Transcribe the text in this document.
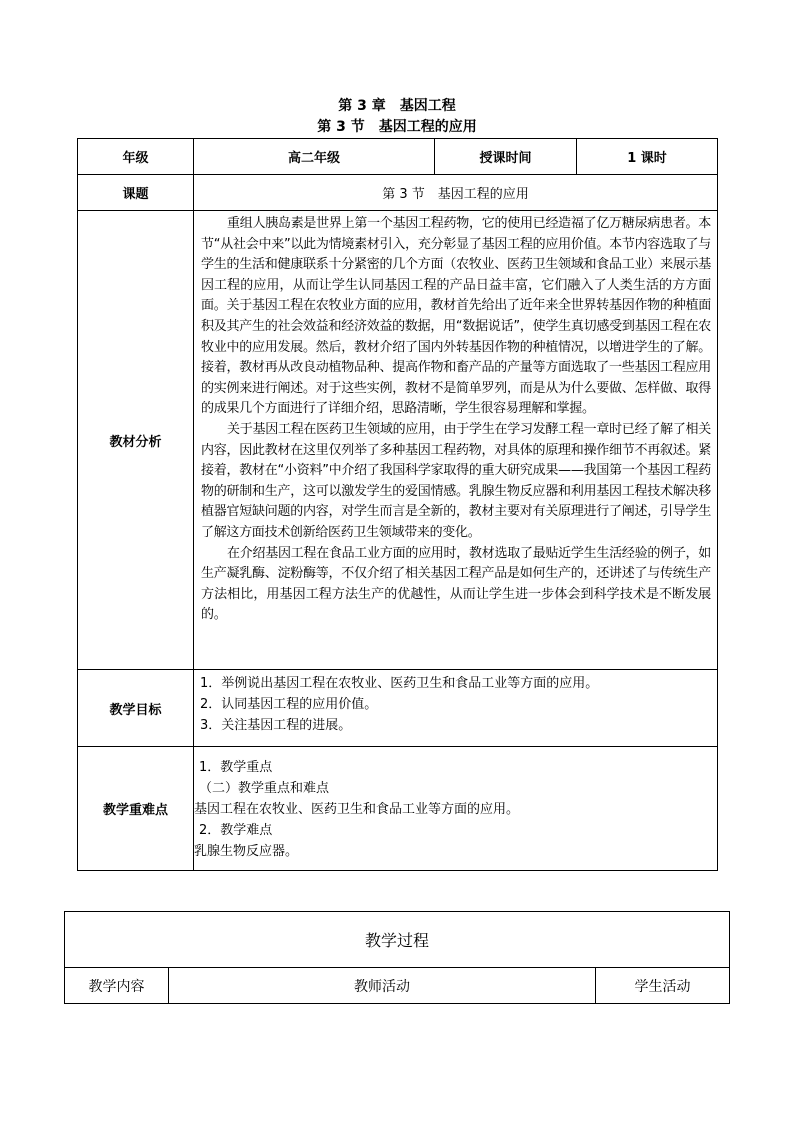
第 3 章　基因工程
第 3 节　基因工程的应用
年级	高二年级	授课时间	1 课时
课题	第 3 节　基因工程的应用		
教材分析	重组人胰岛素是世界上第一个基因工程药物，它的使用已经造福了亿万糖尿病患者。本节“从社会中来”以此为情境素材引入，充分彰显了基因工程的应用价值。本节内容选取了与学生的生活和健康联系十分紧密的几个方面（农牧业、医药卫生领域和食品工业）来展示基因工程的应用，从而让学生认同基因工程的产品日益丰富，它们融入了人类生活的方方面面。关于基因工程在农牧业方面的应用，教材首先给出了近年来全世界转基因作物的种植面积及其产生的社会效益和经济效益的数据，用“数据说话”，使学生真切感受到基因工程在农牧业中的应用发展。然后，教材介绍了国内外转基因作物的种植情况，以增进学生的了解。接着，教材再从改良动植物品种、提高作物和畜产品的产量等方面选取了一些基因工程应用的实例来进行阐述。对于这些实例，教材不是简单罗列，而是从为什么要做、怎样做、取得的成果几个方面进行了详细介绍，思路清晰，学生很容易理解和掌握。

关于基因工程在医药卫生领域的应用，由于学生在学习发酵工程一章时已经了解了相关内容，因此教材在这里仅列举了多种基因工程药物，对具体的原理和操作细节不再叙述。紧接着，教材在“小资料”中介绍了我国科学家取得的重大研究成果——我国第一个基因工程药物的研制和生产，这可以激发学生的爱国情感。乳腺生物反应器和利用基因工程技术解决移植器官短缺问题的内容，对学生而言是全新的，教材主要对有关原理进行了阐述，引导学生了解这方面技术创新给医药卫生领域带来的变化。

在介绍基因工程在食品工业方面的应用时，教材选取了最贴近学生生活经验的例子，如生产凝乳酶、淀粉酶等，不仅介绍了相关基因工程产品是如何生产的，还讲述了与传统生产方法相比，用基因工程方法生产的优越性，从而让学生进一步体会到科学技术是不断发展的。		

教学目标	1．举例说出基因工程在农牧业、医药卫生和食品工业等方面的应用。
2．认同基因工程的应用价值。
3．关注基因工程的进展。		

教学重难点	1．教学重点
（二）教学重点和难点
基因工程在农牧业、医药卫生和食品工业等方面的应用。
2．教学难点
乳腺生物反应器。		
教学过程
教学内容	教师活动	学生活动
